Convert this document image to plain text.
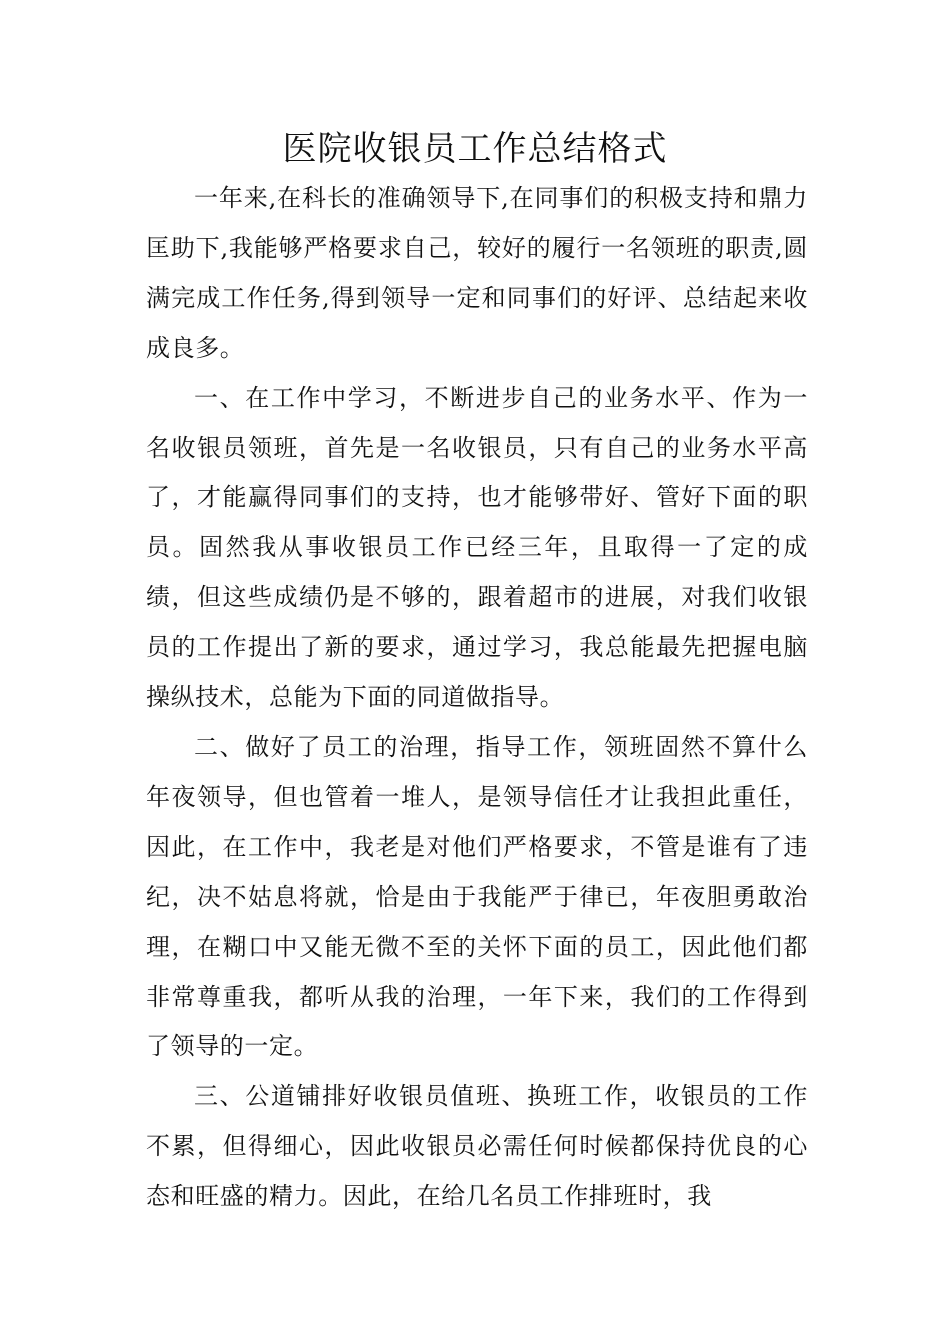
医院收银员工作总结格式

一年来,在科长的准确领导下,在同事们的积极支持和鼎力匡助下,我能够严格要求自己，较好的履行一名领班的职责,圆满完成工作任务,得到领导一定和同事们的好评、总结起来收成良多。

一、在工作中学习，不断进步自己的业务水平、作为一名收银员领班，首先是一名收银员，只有自己的业务水平高了，才能赢得同事们的支持，也才能够带好、管好下面的职员。固然我从事收银员工作已经三年，且取得一了定的成绩，但这些成绩仍是不够的，跟着超市的进展，对我们收银员的工作提出了新的要求，通过学习，我总能最先把握电脑操纵技术，总能为下面的同道做指导。

二、做好了员工的治理，指导工作，领班固然不算什么年夜领导，但也管着一堆人，是领导信任才让我担此重任，因此，在工作中，我老是对他们严格要求，不管是谁有了违纪，决不姑息将就，恰是由于我能严于律已，年夜胆勇敢治理，在糊口中又能无微不至的关怀下面的员工，因此他们都非常尊重我，都听从我的治理，一年下来，我们的工作得到了领导的一定。

三、公道铺排好收银员值班、换班工作，收银员的工作不累，但得细心，因此收银员必需任何时候都保持优良的心态和旺盛的精力。因此，在给几名员工作排班时，我
